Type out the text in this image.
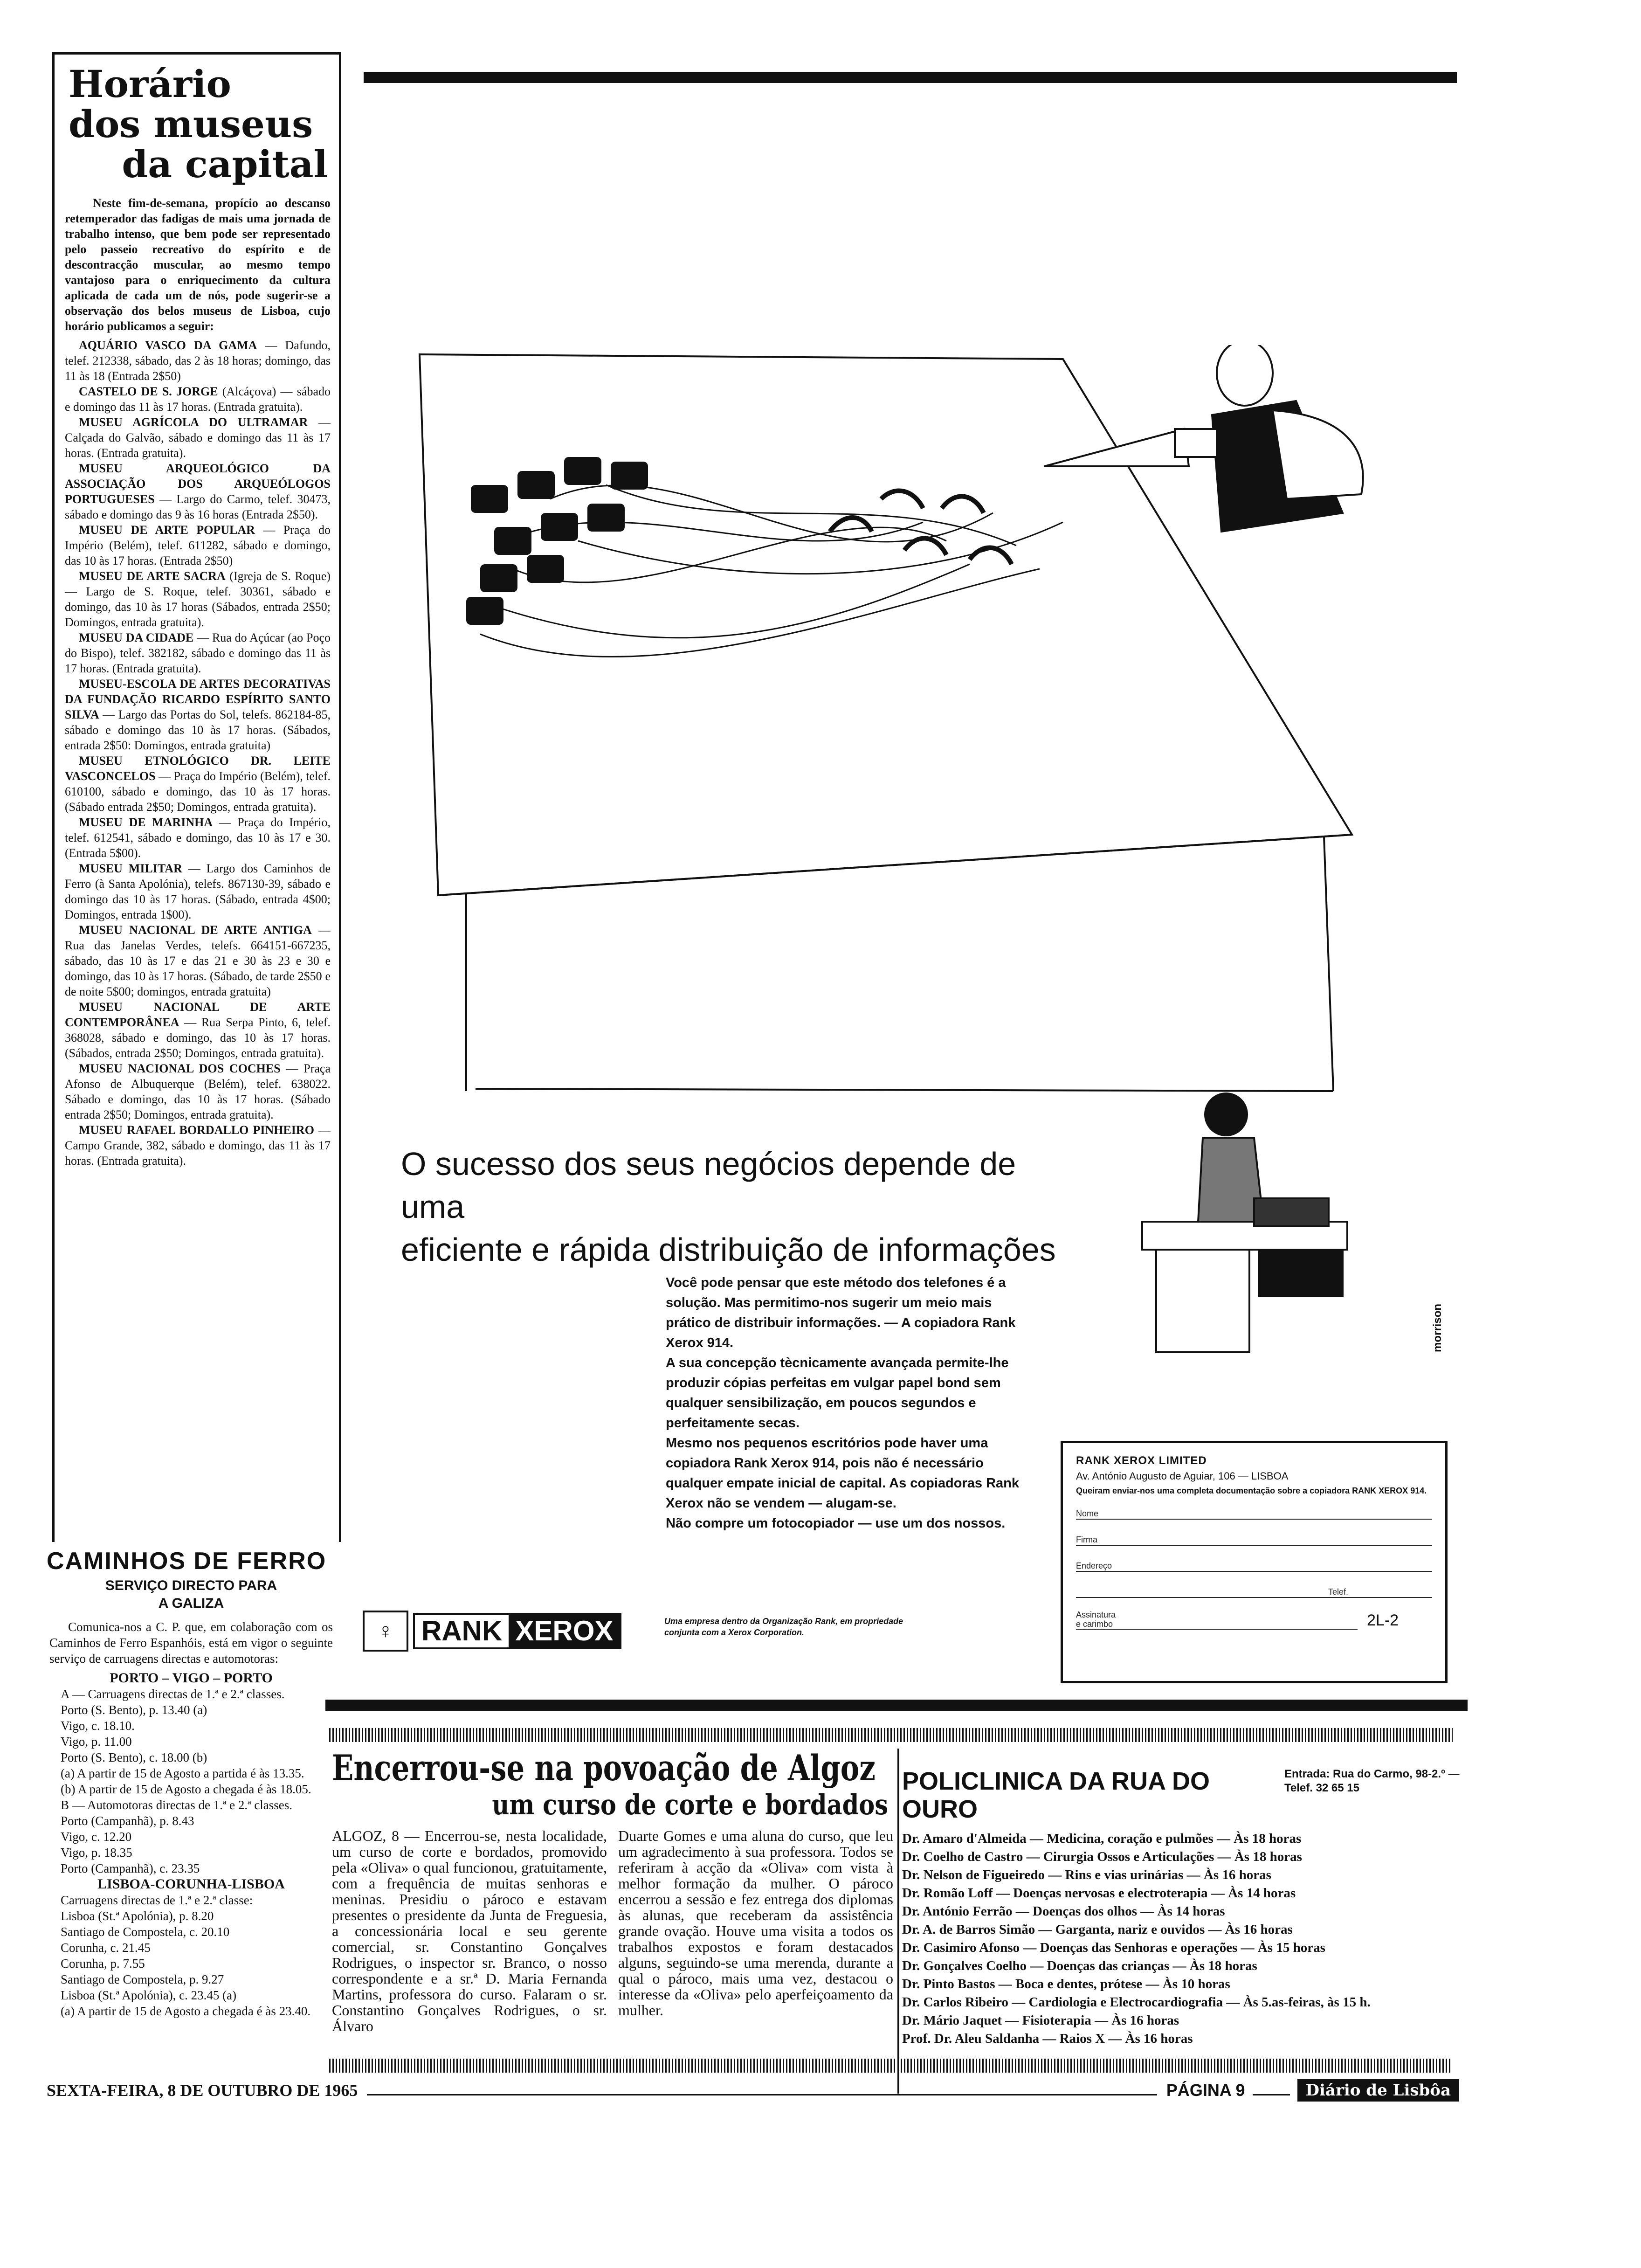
Horário
dos museus
da capital

Neste fim-de-semana, propício ao descanso retemperador das fadigas de mais uma jornada de trabalho intenso, que bem pode ser representado pelo passeio recreativo do espírito e de descontracção muscular, ao mesmo tempo vantajoso para o enriquecimento da cultura aplicada de cada um de nós, pode sugerir-se a observação dos belos museus de Lisboa, cujo horário publicamos a seguir:

AQUÁRIO VASCO DA GAMA — Dafundo, telef. 212338, sábado, das 2 às 18 horas; domingo, das 11 às 18 (Entrada 2$50)

CASTELO DE S. JORGE (Alcáçova) — sábado e domingo das 11 às 17 horas. (Entrada gratuita).

MUSEU AGRÍCOLA DO ULTRAMAR — Calçada do Galvão, sábado e domingo das 11 às 17 horas. (Entrada gratuita).

MUSEU ARQUEOLÓGICO DA ASSOCIAÇÃO DOS ARQUEÓLOGOS PORTUGUESES — Largo do Carmo, telef. 30473, sábado e domingo das 9 às 16 horas (Entrada 2$50).

MUSEU DE ARTE POPULAR — Praça do Império (Belém), telef. 611282, sábado e domingo, das 10 às 17 horas. (Entrada 2$50)

MUSEU DE ARTE SACRA (Igreja de S. Roque) — Largo de S. Roque, telef. 30361, sábado e domingo, das 10 às 17 horas (Sábados, entrada 2$50; Domingos, entrada gratuita).

MUSEU DA CIDADE — Rua do Açúcar (ao Poço do Bispo), telef. 382182, sábado e domingo das 11 às 17 horas. (Entrada gratuita).

MUSEU-ESCOLA DE ARTES DECORATIVAS DA FUNDAÇÃO RICARDO ESPÍRITO SANTO SILVA — Largo das Portas do Sol, telefs. 862184-85, sábado e domingo das 10 às 17 horas. (Sábados, entrada 2$50: Domingos, entrada gratuita)

MUSEU ETNOLÓGICO DR. LEITE VASCONCELOS — Praça do Império (Belém), telef. 610100, sábado e domingo, das 10 às 17 horas. (Sábado entrada 2$50; Domingos, entrada gratuita).

MUSEU DE MARINHA — Praça do Império, telef. 612541, sábado e domingo, das 10 às 17 e 30. (Entrada 5$00).

MUSEU MILITAR — Largo dos Caminhos de Ferro (à Santa Apolónia), telefs. 867130-39, sábado e domingo das 10 às 17 horas. (Sábado, entrada 4$00; Domingos, entrada 1$00).

MUSEU NACIONAL DE ARTE ANTIGA — Rua das Janelas Verdes, telefs. 664151-667235, sábado, das 10 às 17 e das 21 e 30 às 23 e 30 e domingo, das 10 às 17 horas. (Sábado, de tarde 2$50 e de noite 5$00; domingos, entrada gratuita)

MUSEU NACIONAL DE ARTE CONTEMPORÂNEA — Rua Serpa Pinto, 6, telef. 368028, sábado e domingo, das 10 às 17 horas. (Sábados, entrada 2$50; Domingos, entrada gratuita).

MUSEU NACIONAL DOS COCHES — Praça Afonso de Albuquerque (Belém), telef. 638022. Sábado e domingo, das 10 às 17 horas. (Sábado entrada 2$50; Domingos, entrada gratuita).

MUSEU RAFAEL BORDALLO PINHEIRO — Campo Grande, 382, sábado e domingo, das 11 às 17 horas. (Entrada gratuita).

CAMINHOS DE FERRO
SERVIÇO DIRECTO PARA A GALIZA

Comunica-nos a C. P. que, em colaboração com os Caminhos de Ferro Espanhóis, está em vigor o seguinte serviço de carruagens directas e automotoras:

PORTO – VIGO – PORTO
A — Carruagens directas de 1.ª e 2.ª classes.
Porto (S. Bento), p. 13.40 (a)
Vigo, c. 18.10.
Vigo, p. 11.00
Porto (S. Bento), c. 18.00 (b)
(a) A partir de 15 de Agosto a partida é às 13.35.
(b) A partir de 15 de Agosto a chegada é às 18.05.
B — Automotoras directas de 1.ª e 2.ª classes.
Porto (Campanhã), p. 8.43
Vigo, c. 12.20
Vigo, p. 18.35
Porto (Campanhã), c. 23.35
LISBOA-CORUNHA-LISBOA
Carruagens directas de 1.ª e 2.ª classe:
Lisboa (St.ª Apolónia), p. 8.20
Santiago de Compostela, c. 20.10
Corunha, c. 21.45
Corunha, p. 7.55
Santiago de Compostela, p. 9.27
Lisboa (St.ª Apolónia), c. 23.45 (a)
(a) A partir de 15 de Agosto a chegada é às 23.40.
O sucesso dos seus negócios depende de uma
eficiente e rápida distribuição de informações
morrison
Você pode pensar que este método dos telefones é a solução. Mas permitimo-nos sugerir um meio mais prático de distribuir informações. — A copiadora Rank Xerox 914.
A sua concepção tècnicamente avançada permite-lhe produzir cópias perfeitas em vulgar papel bond sem qualquer sensibilização, em poucos segundos e perfeitamente secas.
Mesmo nos pequenos escritórios pode haver uma copiadora Rank Xerox 914, pois não é necessário qualquer empate inicial de capital. As copiadoras Rank Xerox não se vendem — alugam-se.
Não compre um fotocopiador — use um dos nossos.
♀ RANK XEROX	Uma empresa dentro da Organização Rank, em propriedade conjunta com a Xerox Corporation.
RANK XEROX LIMITED
Av. António Augusto de Aguiar, 106 — LISBOA
Queiram enviar-nos uma completa documentação sobre a copiadora RANK XEROX 914.
Nome
Firma
Endereço
Telef.
Assinatura e carimbo	2L-2
Encerrou-se na povoação de Algoz
um curso de corte e bordados
ALGOZ, 8 — Encerrou-se, nesta localidade, um curso de corte e bordados, promovido pela «Oliva» o qual funcionou, gratuitamente, com a frequência de muitas senhoras e meninas. Presidiu o pároco e estavam presentes o presidente da Junta de Freguesia, a concessionária local e seu gerente comercial, sr. Constantino Gonçalves Rodrigues, o inspector sr. Branco, o nosso correspondente e a sr.ª D. Maria Fernanda Martins, professora do curso. Falaram o sr. Constantino Gonçalves Rodrigues, o sr. Álvaro
Duarte Gomes e uma aluna do curso, que leu um agradecimento à sua professora. Todos se referiram à acção da «Oliva» com vista à melhor formação da mulher. O pároco encerrou a sessão e fez entrega dos diplomas às alunas, que receberam da assistência grande ovação. Houve uma visita a todos os trabalhos expostos e foram destacados alguns, seguindo-se uma merenda, durante a qual o pároco, mais uma vez, destacou o interesse da «Oliva» pelo aperfeiçoamento da mulher.
POLICLINICA DA RUA DO OURO
Entrada: Rua do Carmo, 98-2.º — Telef. 32 65 15
Dr. Amaro d'Almeida — Medicina, coração e pulmões — Às 18 horas
Dr. Coelho de Castro — Cirurgia Ossos e Articulações — Às 18 horas
Dr. Nelson de Figueiredo — Rins e vias urinárias — Às 16 horas
Dr. Romão Loff — Doenças nervosas e electroterapia — Às 14 horas
Dr. António Ferrão — Doenças dos olhos — Às 14 horas
Dr. A. de Barros Simão — Garganta, nariz e ouvidos — Às 16 horas
Dr. Casimiro Afonso — Doenças das Senhoras e operações — Às 15 horas
Dr. Gonçalves Coelho — Doenças das crianças — Às 18 horas
Dr. Pinto Bastos — Boca e dentes, prótese — Às 10 horas
Dr. Carlos Ribeiro — Cardiologia e Electrocardiografia — Às 5.as-feiras, às 15 h.
Dr. Mário Jaquet — Fisioterapia — Às 16 horas
Prof. Dr. Aleu Saldanha — Raios X — Às 16 horas
SEXTA-FEIRA, 8 DE OUTUBRO DE 1965	PÁGINA 9	Diário de Lisbôa
